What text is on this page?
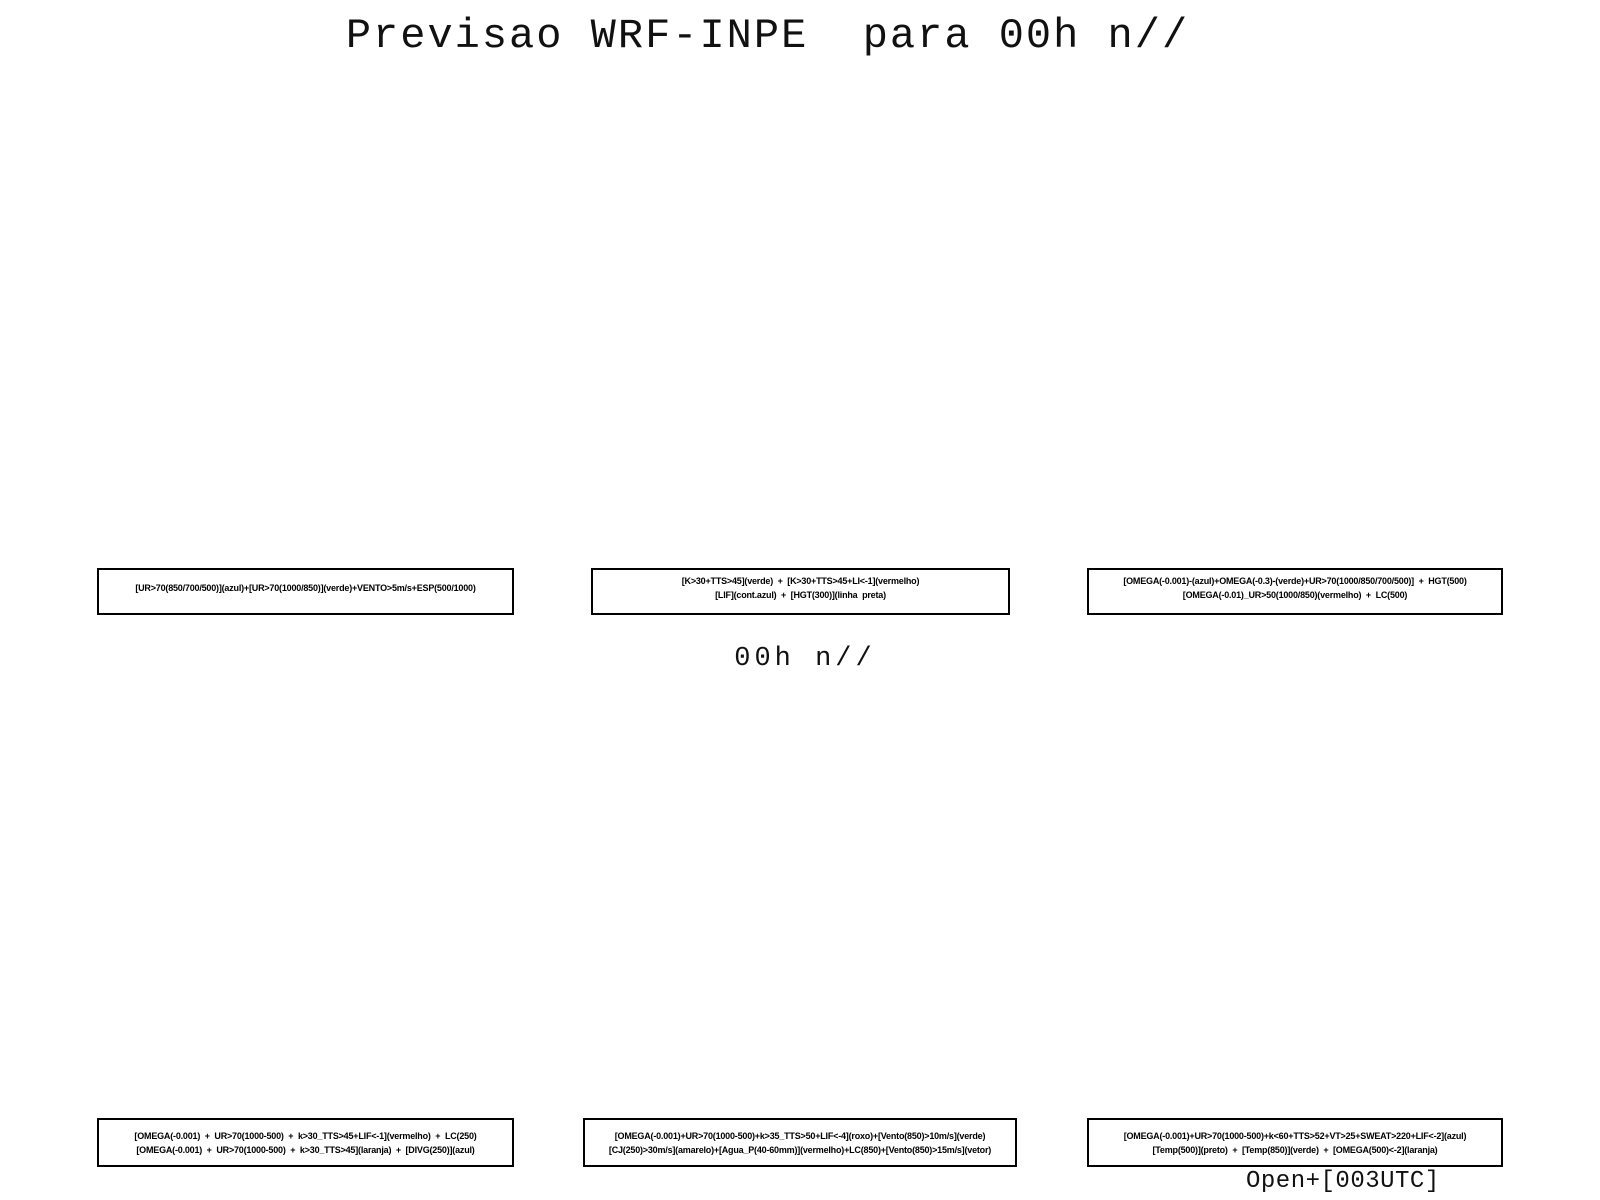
Previsao WRF-INPE  para 00h n//
[UR>70(850/700/500)](azul)+[UR>70(1000/850)](verde)+VENTO>5m/s+ESP(500/1000)
[K>30+TTS>45](verde)  +  [K>30+TTS>45+LI<-1](vermelho)
[LIF](cont.azul)  +  [HGT(300)](linha  preta)
[OMEGA(-0.001)-(azul)+OMEGA(-0.3)-(verde)+UR>70(1000/850/700/500)]  +  HGT(500)
[OMEGA(-0.01)_UR>50(1000/850)(vermelho)  +  LC(500)
00h n//
[OMEGA(-0.001)  +  UR>70(1000-500)  +  k>30_TTS>45+LIF<-1](vermelho)  +  LC(250)
[OMEGA(-0.001)  +  UR>70(1000-500)  +  k>30_TTS>45](laranja)  +  [DIVG(250)](azul)
[OMEGA(-0.001)+UR>70(1000-500)+k>35_TTS>50+LIF<-4](roxo)+[Vento(850)>10m/s](verde)
[CJ(250)>30m/s](amarelo)+[Agua_P(40-60mm)](vermelho)+LC(850)+[Vento(850)>15m/s](vetor)
[OMEGA(-0.001)+UR>70(1000-500)+k<60+TTS>52+VT>25+SWEAT>220+LIF<-2](azul)
[Temp(500)](preto)  +  [Temp(850)](verde)  +  [OMEGA(500)<-2](laranja)
Open+[003UTC]
